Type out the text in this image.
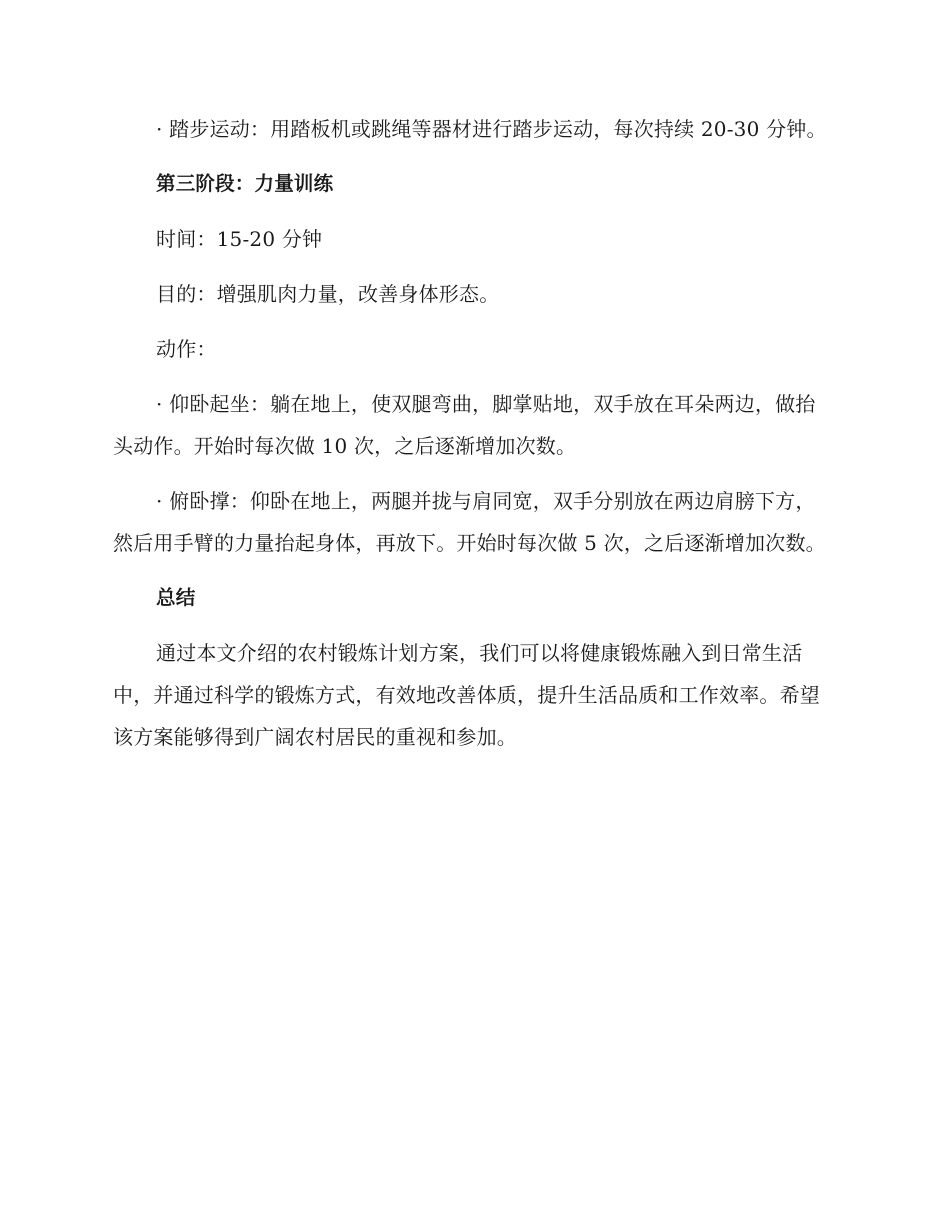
· 踏步运动：用踏板机或跳绳等器材进行踏步运动，每次持续 20-30 分钟。

第三阶段：力量训练

时间：15-20 分钟

目的：增强肌肉力量，改善身体形态。

动作：

· 仰卧起坐：躺在地上，使双腿弯曲，脚掌贴地，双手放在耳朵两边，做抬头动作。开始时每次做 10 次，之后逐渐增加次数。

· 俯卧撑：仰卧在地上，两腿并拢与肩同宽，双手分别放在两边肩膀下方，然后用手臂的力量抬起身体，再放下。开始时每次做 5 次，之后逐渐增加次数。

总结

通过本文介绍的农村锻炼计划方案，我们可以将健康锻炼融入到日常生活中，并通过科学的锻炼方式，有效地改善体质，提升生活品质和工作效率。希望该方案能够得到广阔农村居民的重视和参加。
